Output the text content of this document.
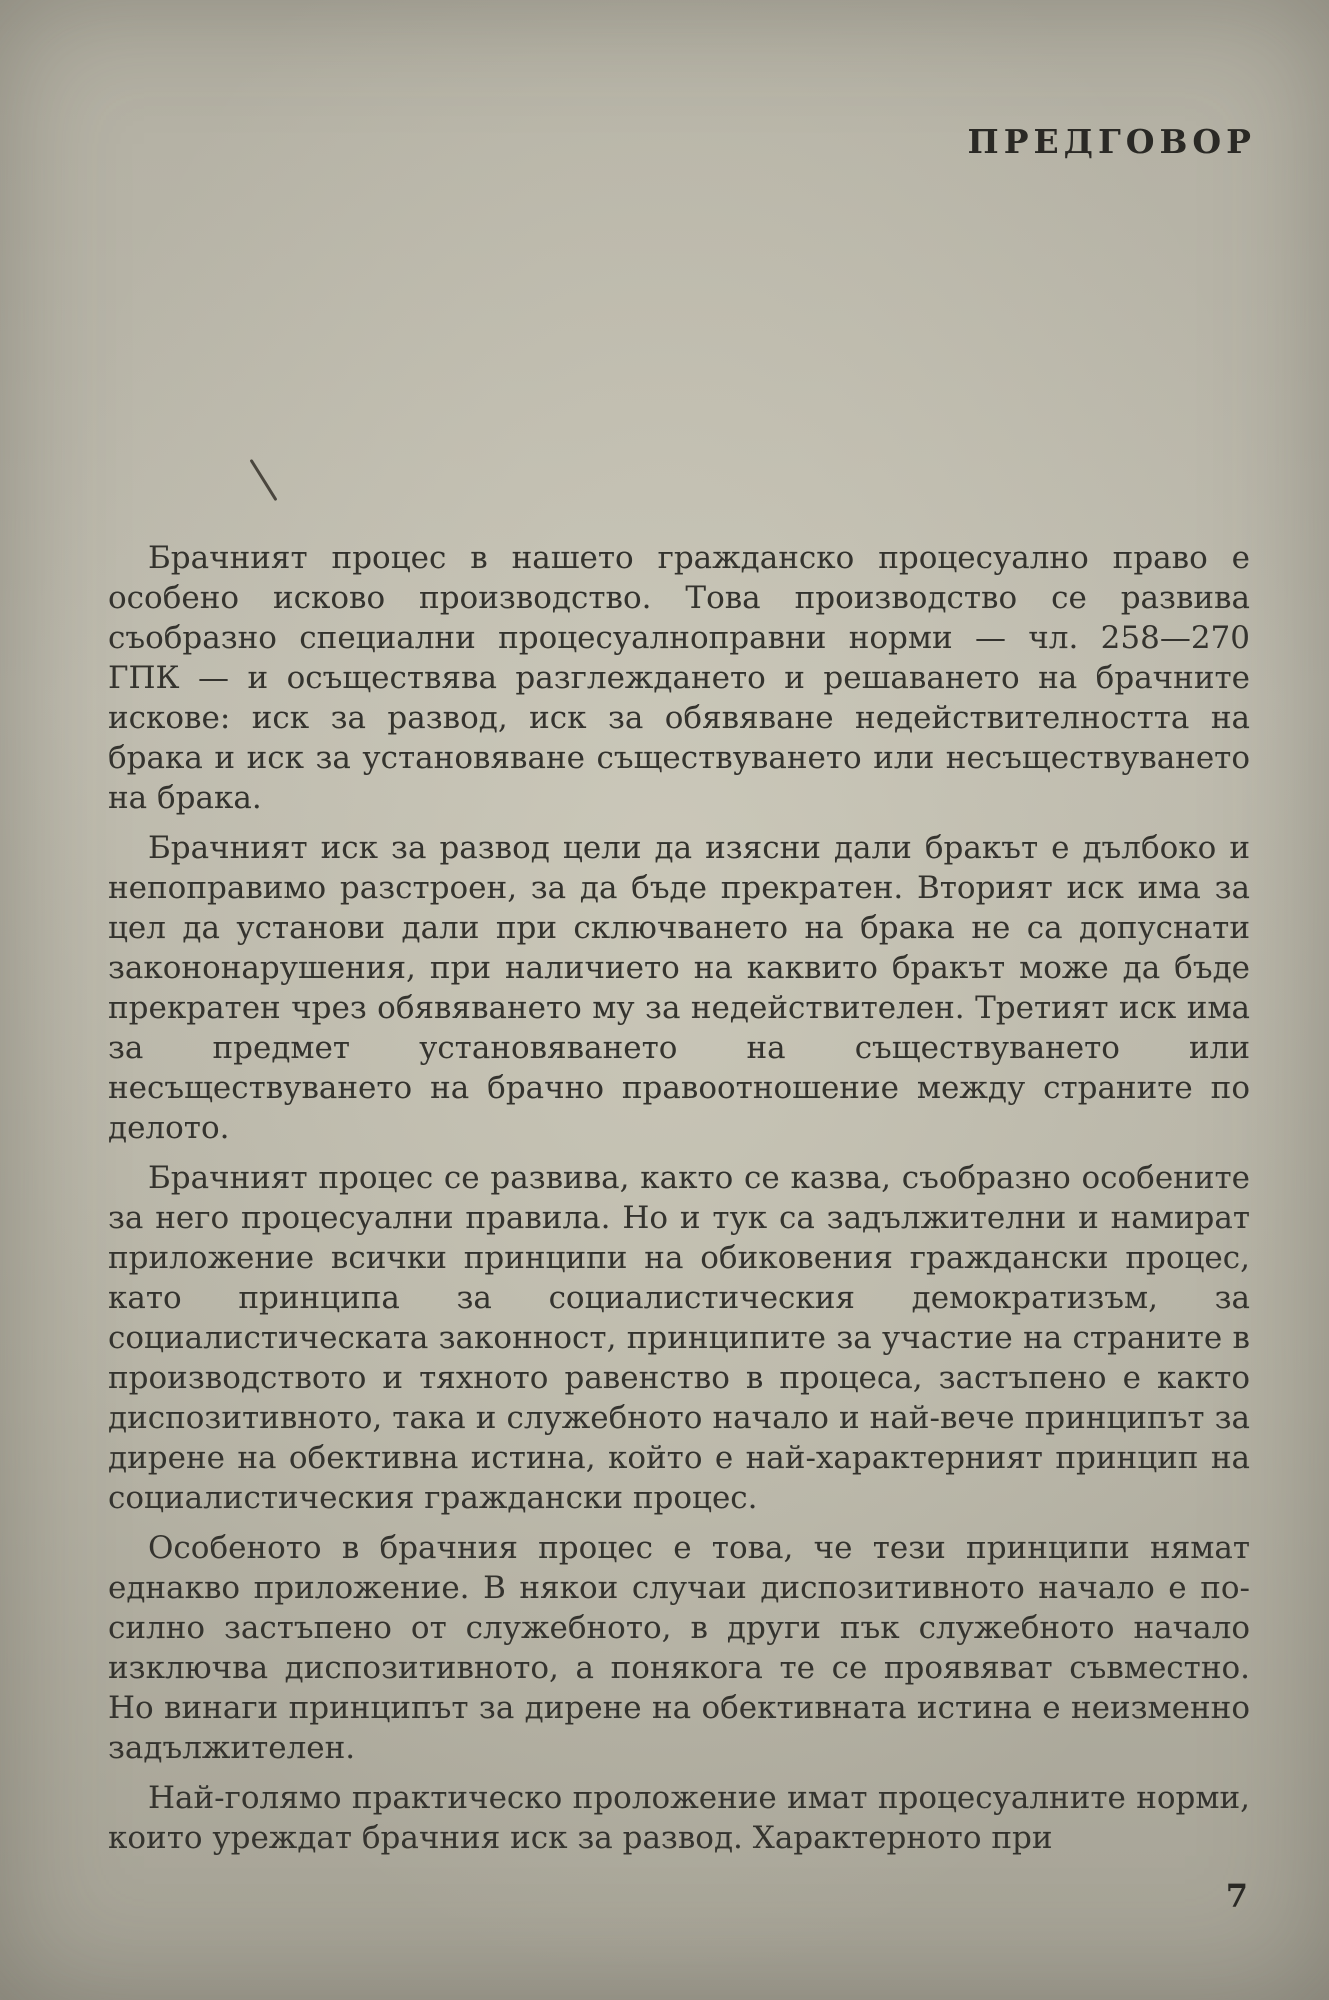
ПРЕДГОВОР

Брачният процес в нашето гражданско процесуално право е особено исково производство. Това производство се развива съобразно специални процесуалноправни норми — чл. 258—270 ГПК — и осъществява разглеждането и решаването на брачните искове: иск за развод, иск за обявяване недействителността на брака и иск за установяване съществуването или несъществуването на брака.

Брачният иск за развод цели да изясни дали бракът е дълбоко и непоправимо разстроен, за да бъде прекратен. Вторият иск има за цел да установи дали при сключването на брака не са допуснати закононарушения, при наличието на каквито бракът може да бъде прекратен чрез обявяването му за недействителен. Третият иск има за предмет установяването на съществуването или несъществуването на брачно правоотношение между страните по делото.

Брачният процес се развива, както се казва, съобразно особените за него процесуални правила. Но и тук са задължителни и намират приложение всички принципи на обиковeния граждански процес, като принципа за социалистическия демократизъм, за социалистическата законност, принципите за участие на страните в производството и тяхното равенство в процеса, застъпено е както диспозитивното, така и служебното начало и най-вече принципът за дирене на обективна истина, който е най-характерният принцип на социалистическия граждански процес.

Особеното в брачния процес е това, че тези принципи нямат еднакво приложение. В някои случаи диспозитивното начало е по-силно застъпено от служебното, в други пък служебното начало изключва диспозитивното, а понякога те се проявяват съвместно. Но винаги принципът за дирене на обективната истина е неизменно задължителен.

Най-голямо практическо проложение имат процесуалните норми, които уреждат брачния иск за развод. Характерното при

7
